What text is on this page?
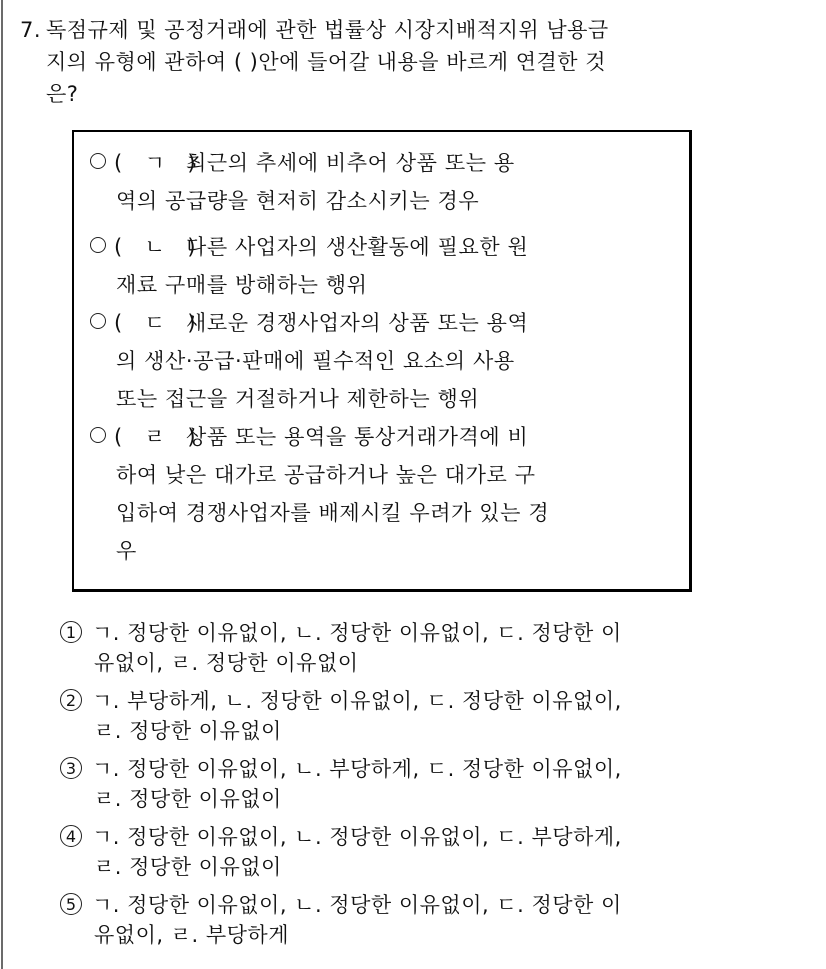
7. 독점규제 및 공정거래에 관한 법률상 시장지배적지위 남용금
지의 유형에 관하여 ( )안에 들어갈 내용을 바르게 연결한 것
은?
(   ㄱ   )최근의 추세에 비추어 상품 또는 용
역의 공급량을 현저히 감소시키는 경우
(   ㄴ   )다른 사업자의 생산활동에 필요한 원
재료 구매를 방해하는 행위
(   ㄷ   )새로운 경쟁사업자의 상품 또는 용역
의 생산·공급·판매에 필수적인 요소의 사용
또는 접근을 거절하거나 제한하는 행위
(   ㄹ   )상품 또는 용역을 통상거래가격에 비
하여 낮은 대가로 공급하거나 높은 대가로 구
입하여 경쟁사업자를 배제시킬 우려가 있는 경
우
1 ㄱ. 정당한 이유없이, ㄴ. 정당한 이유없이, ㄷ. 정당한 이
유없이, ㄹ. 정당한 이유없이
2 ㄱ. 부당하게, ㄴ. 정당한 이유없이, ㄷ. 정당한 이유없이,
ㄹ. 정당한 이유없이
3 ㄱ. 정당한 이유없이, ㄴ. 부당하게, ㄷ. 정당한 이유없이,
ㄹ. 정당한 이유없이
4 ㄱ. 정당한 이유없이, ㄴ. 정당한 이유없이, ㄷ. 부당하게,
ㄹ. 정당한 이유없이
5 ㄱ. 정당한 이유없이, ㄴ. 정당한 이유없이, ㄷ. 정당한 이
유없이, ㄹ. 부당하게
